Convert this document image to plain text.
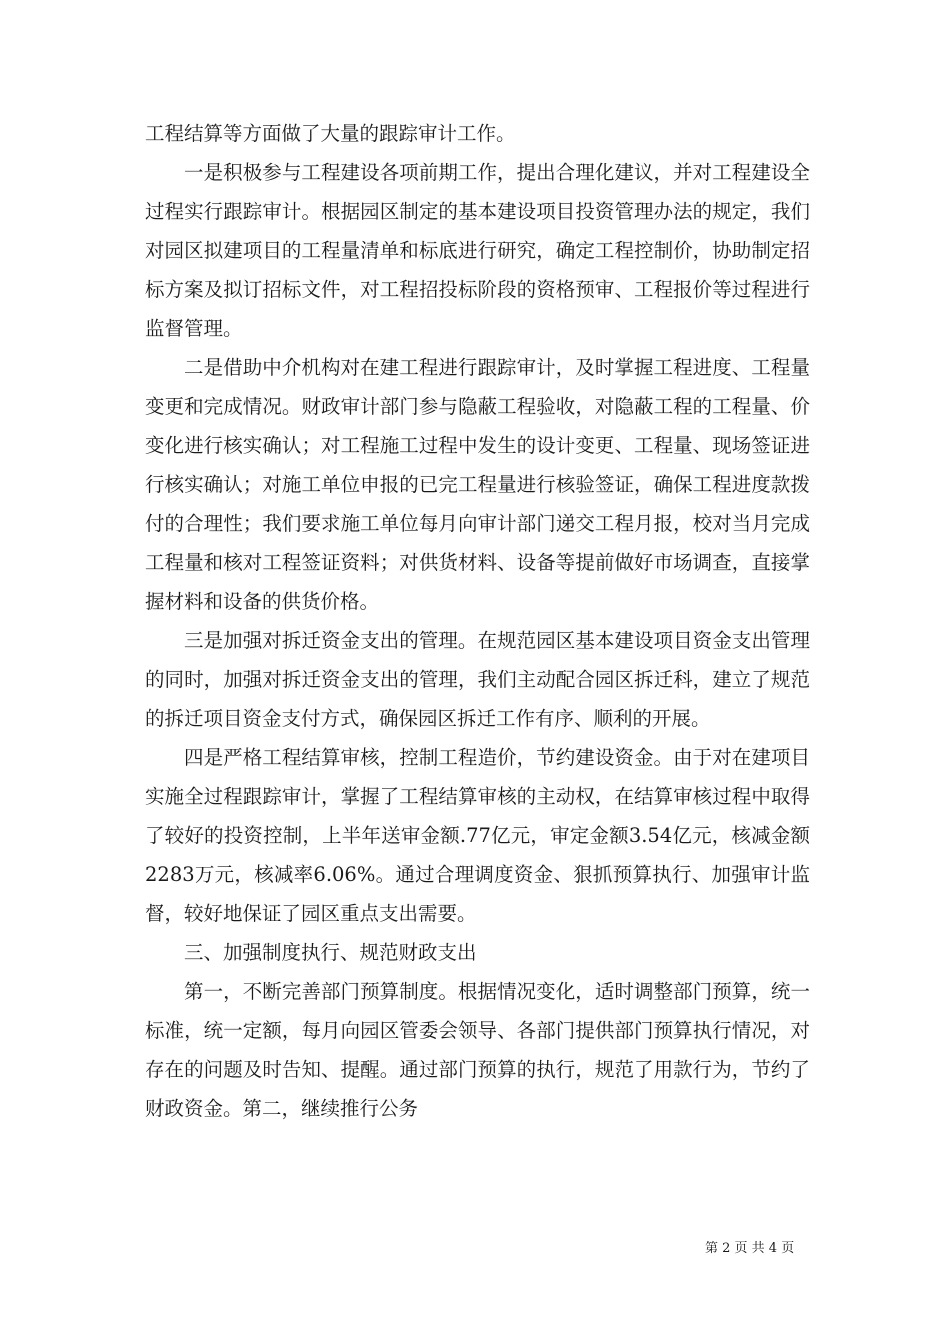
工程结算等方面做了大量的跟踪审计工作。

一是积极参与工程建设各项前期工作，提出合理化建议，并对工程建设全过程实行跟踪审计。根据园区制定的基本建设项目投资管理办法的规定，我们对园区拟建项目的工程量清单和标底进行研究，确定工程控制价，协助制定招标方案及拟订招标文件，对工程招投标阶段的资格预审、工程报价等过程进行监督管理。

二是借助中介机构对在建工程进行跟踪审计，及时掌握工程进度、工程量变更和完成情况。财政审计部门参与隐蔽工程验收，对隐蔽工程的工程量、价变化进行核实确认；对工程施工过程中发生的设计变更、工程量、现场签证进行核实确认；对施工单位申报的已完工程量进行核验签证，确保工程进度款拨付的合理性；我们要求施工单位每月向审计部门递交工程月报，校对当月完成工程量和核对工程签证资料；对供货材料、设备等提前做好市场调查，直接掌握材料和设备的供货价格。

三是加强对拆迁资金支出的管理。在规范园区基本建设项目资金支出管理的同时，加强对拆迁资金支出的管理，我们主动配合园区拆迁科，建立了规范的拆迁项目资金支付方式，确保园区拆迁工作有序、顺利的开展。

四是严格工程结算审核，控制工程造价，节约建设资金。由于对在建项目实施全过程跟踪审计，掌握了工程结算审核的主动权，在结算审核过程中取得了较好的投资控制，上半年送审金额.77亿元，审定金额3.54亿元，核减金额2283万元，核减率6.06%。通过合理调度资金、狠抓预算执行、加强审计监督，较好地保证了园区重点支出需要。

三、加强制度执行、规范财政支出

第一，不断完善部门预算制度。根据情况变化，适时调整部门预算，统一标准，统一定额，每月向园区管委会领导、各部门提供部门预算执行情况，对存在的问题及时告知、提醒。通过部门预算的执行，规范了用款行为，节约了财政资金。第二，继续推行公务

第 2 页 共 4 页
